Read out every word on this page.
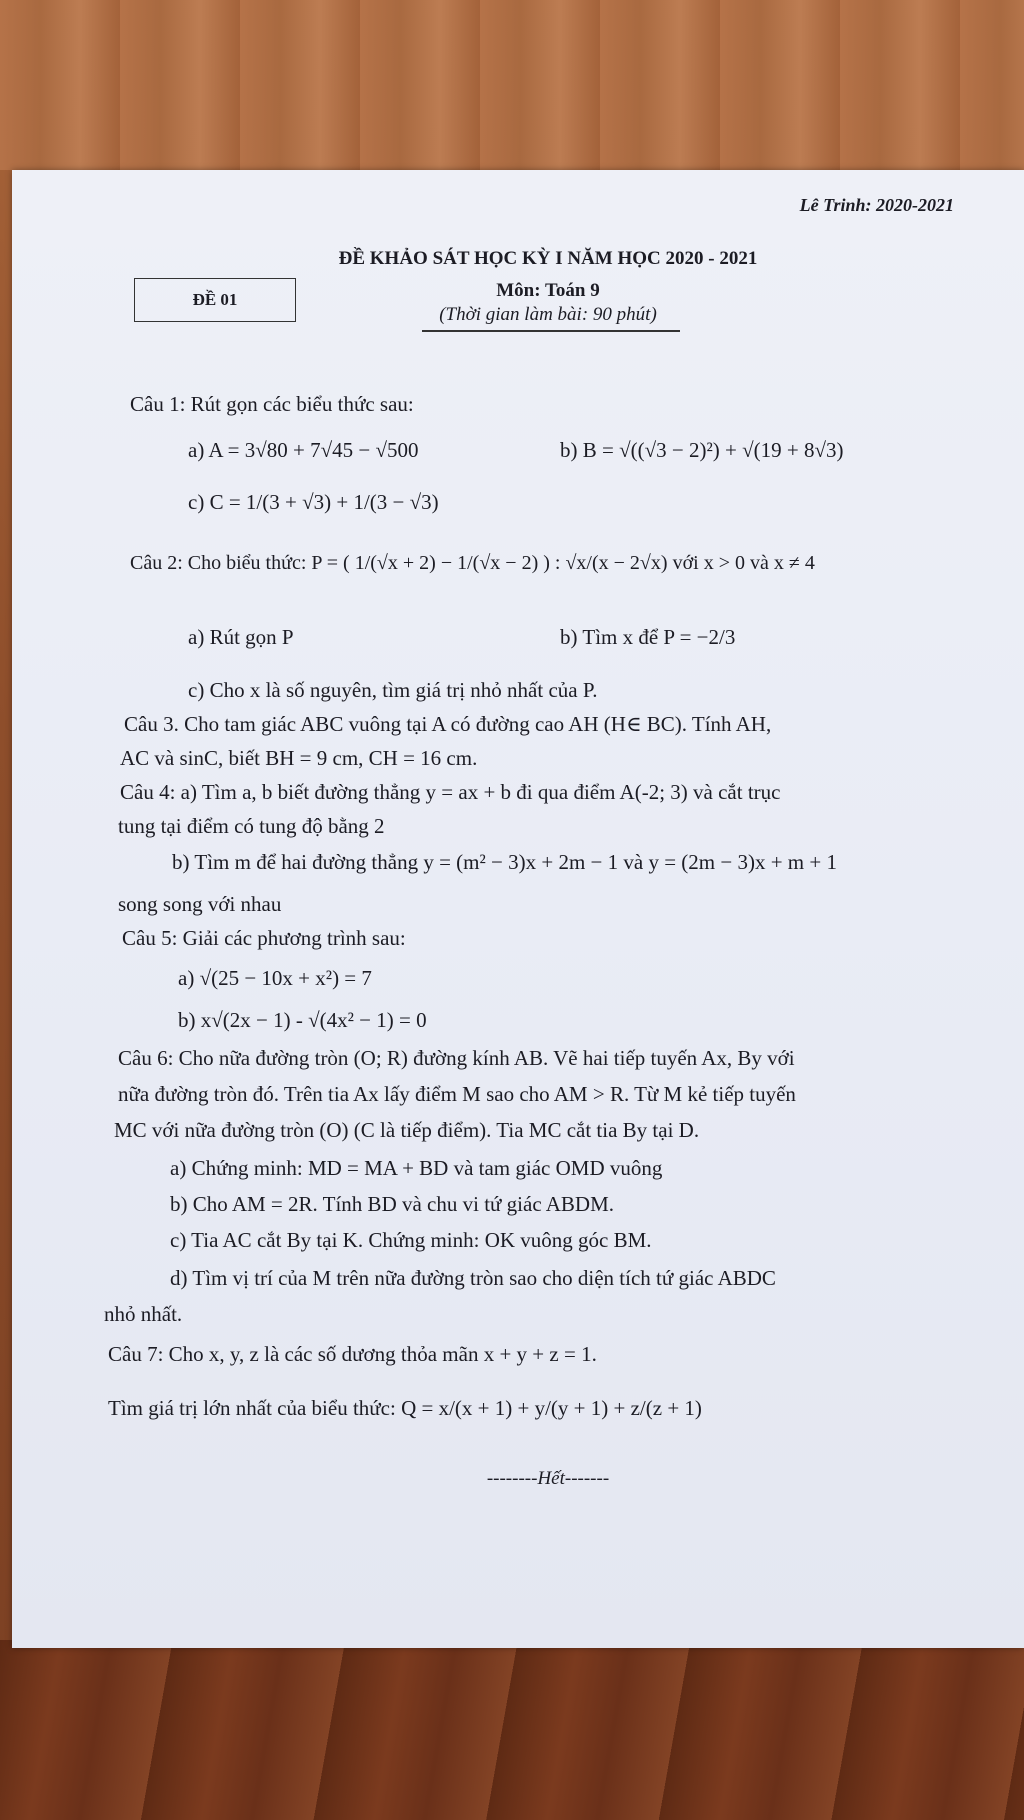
Lê Trinh: 2020-2021
ĐỀ KHẢO SÁT HỌC KỲ I NĂM HỌC 2020 - 2021
ĐỀ 01	Môn: Toán 9
(Thời gian làm bài: 90 phút)
Câu 1: Rút gọn các biểu thức sau:
a) A = 3√80 + 7√45 − √500	b) B = √((√3 − 2)²) + √(19 + 8√3)
c) C = 1/(3 + √3) + 1/(3 − √3)
Câu 2: Cho biểu thức: P = ( 1/(√x + 2) − 1/(√x − 2) ) : √x/(x − 2√x) với x > 0 và x ≠ 4
a) Rút gọn P	b) Tìm x để P = −2/3
c) Cho x là số nguyên, tìm giá trị nhỏ nhất của P.
Câu 3. Cho tam giác ABC vuông tại A có đường cao AH (H∈ BC). Tính AH,
AC và sinC, biết BH = 9 cm, CH = 16 cm.
Câu 4: a) Tìm a, b biết đường thẳng y = ax + b đi qua điểm A(-2; 3) và cắt trục
tung tại điểm có tung độ bằng 2
b) Tìm m để hai đường thẳng y = (m² − 3)x + 2m − 1 và y = (2m − 3)x + m + 1
song song với nhau
Câu 5: Giải các phương trình sau:
a) √(25 − 10x + x²) = 7
b) x√(2x − 1) - √(4x² − 1) = 0
Câu 6: Cho nữa đường tròn (O; R) đường kính AB. Vẽ hai tiếp tuyến Ax, By với
nữa đường tròn đó. Trên tia Ax lấy điểm M sao cho AM > R. Từ M kẻ tiếp tuyến
MC với nữa đường tròn (O) (C là tiếp điểm). Tia MC cắt tia By tại D.
a) Chứng minh: MD = MA + BD và tam giác OMD vuông
b) Cho AM = 2R. Tính BD và chu vi tứ giác ABDM.
c) Tia AC cắt By tại K. Chứng minh: OK vuông góc BM.
d) Tìm vị trí của M trên nữa đường tròn sao cho diện tích tứ giác ABDC
nhỏ nhất.
Câu 7: Cho x, y, z là các số dương thỏa mãn x + y + z = 1.
Tìm giá trị lớn nhất của biểu thức: Q = x/(x + 1) + y/(y + 1) + z/(z + 1)
--------Hết-------
